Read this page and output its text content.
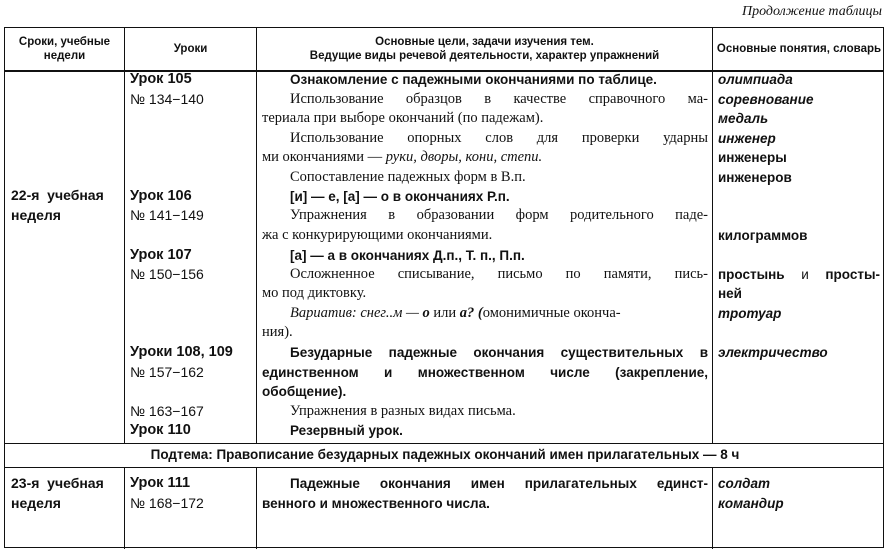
Продолжение таблицы
Сроки, учебные недели
Уроки
Основные цели, задачи изучения тем.
Ведущие виды речевой деятельности, характер упражнений
Основные понятия, словарь
22-я  учебная
неделя
Урок 105
№ 134−140
Урок 106
№ 141−149
Урок 107
№ 150−156
Уроки 108, 109
№ 157−162
№ 163−167
Урок 110
Ознакомление с падежными окончаниями по таблице.
Использование образцов в качестве справочного ма-
териала при выборе окончаний (по падежам).
Использование опорных слов для проверки ударны
ми окончаниями — руки, дворы, кони, степи.
Сопоставление падежных форм в В.п.
[и] — е, [а] — о в окончаниях Р.п.
Упражнения в образовании форм родительного паде-
жа с конкурирующими окончаниями.
[а] — а в окончаниях Д.п., Т. п., П.п.
Осложненное списывание, письмо по памяти, пись-
мо под диктовку.
Вариатив: снег..м — о или а? (омонимичные оконча-
ния).
Безударные падежные окончания существительных в
единственном и множественном числе (закрепление,
обобщение).
Упражнения в разных видах письма.
Резервный урок.
олимпиада
соревнование
медаль
инженер
инженеры
инженеров
килограммов
простынь и просты-
ней
тротуар
электричество
Подтема: Правописание безударных падежных окончаний имен прилагательных — 8 ч
23-я  учебная
неделя
Урок 111
№ 168−172
Падежные окончания имен прилагательных единст-
венного и множественного числа.
солдат
командир
